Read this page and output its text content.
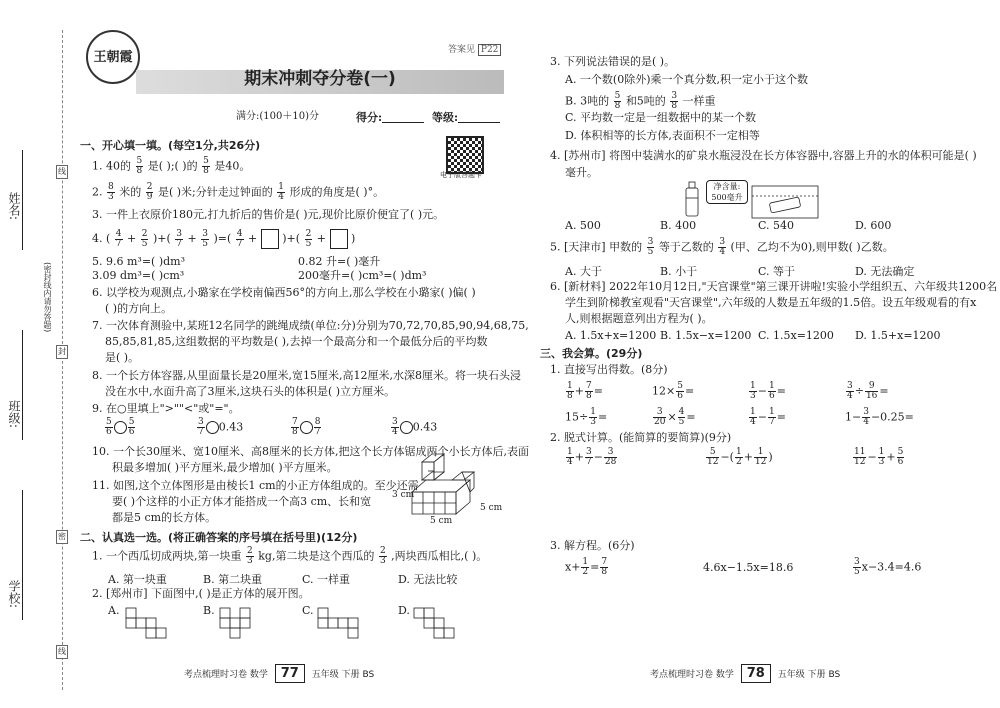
姓名:
(密封线内请勿答题)
班级:
学校:
线
封
密
线
王朝霞
期末冲刺夺分卷(一)
答案见 P22
满分:(100＋10)分	得分:	等级:
电子版答题卡
一、开心填一填。(每空1分,共26分)
1. 40的 $\frac{5}{8}$ 是( );( )的 $\frac{5}{8}$ 是40。
2. $\frac{8}{3}$ 米的 $\frac{2}{9}$ 是( )米;分针走过钟面的 $\frac{1}{4}$ 形成的角度是( )°。
3. 一件上衣原价180元,打九折后的售价是( )元,现价比原价便宜了( )元。
4. ( $\frac{4}{7} + \frac{2}{5}$ )+( $\frac{3}{7} + \frac{3}{5}$ )=( $\frac{4}{7}$ + )+( $\frac{2}{5}$ + )
5. 9.6 m³=( )dm³	0.82 升=( )毫升
3.09 dm³=( )cm³	200毫升=( )cm³=( )dm³
6. 以学校为观测点,小璐家在学校南偏西56°的方向上,那么学校在小璐家( )偏( )
( )的方向上。
7. 一次体育测验中,某班12名同学的跳绳成绩(单位:分)分别为70,72,70,85,90,94,68,75,
85,85,81,85,这组数据的平均数是( ),去掉一个最高分和一个最低分后的平均数
是( )。
8. 一个长方体容器,从里面量长是20厘米,宽15厘米,高12厘米,水深8厘米。将一块石头浸
没在水中,水面升高了3厘米,这块石头的体积是( )立方厘米。
9. 在○里填上">""<"或"="。
$\frac{5}{6} \frac{5}{6}$	$\frac{3}{7} 0.43$	$\frac{7}{8} \frac{8}{7}$	$\frac{3}{4} 0.43$
10. 一个长30厘米、宽10厘米、高8厘米的长方体,把这个长方体锯成两个小长方体后,表面
积最多增加( )平方厘米,最少增加( )平方厘米。
11. 如图,这个立体图形是由棱长1 cm的小正方体组成的。至少还需
要( )个这样的小正方体才能搭成一个高3 cm、长和宽
都是5 cm的长方体。
3 cm
5 cm
5 cm
二、认真选一选。(将正确答案的序号填在括号里)(12分)
1. 一个西瓜切成两块,第一块重 $\frac{2}{3}$ kg,第二块是这个西瓜的 $\frac{2}{3}$ ,两块西瓜相比,( )。
A. 第一块重	B. 第二块重	C. 一样重	D. 无法比较
2. [郑州市] 下面图中,( )是正方体的展开图。
A.	B.	C.	D.
考点梳理时习卷 数学 77 五年级 下册 BS
3. 下列说法错误的是( )。
A. 一个数(0除外)乘一个真分数,积一定小于这个数
B. 3吨的 $\frac{5}{8}$ 和5吨的 $\frac{3}{8}$ 一样重
C. 平均数一定是一组数据中的某一个数
D. 体积相等的长方体,表面积不一定相等
4. [苏州市] 将图中装满水的矿泉水瓶浸没在长方体容器中,容器上升的水的体积可能是( )
毫升。
净含量:
500毫升
A. 500	B. 400	C. 540	D. 600
5. [天津市] 甲数的 $\frac{3}{5}$ 等于乙数的 $\frac{3}{4}$ (甲、乙均不为0),则甲数( )乙数。
A. 大于	B. 小于	C. 等于	D. 无法确定
6. [新材料] 2022年10月12日,"天宫课堂"第三课开讲啦!实验小学组织五、六年级共1200名
学生到阶梯教室观看"天宫课堂",六年级的人数是五年级的1.5倍。设五年级观看的有x
人,则根据题意列出方程为( )。
A. 1.5x+x=1200 B. 1.5x−x=1200 C. 1.5x=1200 D. 1.5+x=1200
三、我会算。(29分)
1. 直接写出得数。(8分)
$\frac{1}{8} + \frac{7}{8}$ =	$12\times \frac{5}{6}$ =	$\frac{1}{3} - \frac{1}{6}$ =	$\frac{3}{4} \div \frac{9}{16}$ =
$15\div \frac{1}{3}$ =	$\frac{3}{20} \times \frac{4}{5}$ =	$\frac{1}{4} - \frac{1}{7}$ =	$1- \frac{3}{4} -0.25=$
2. 脱式计算。(能简算的要简算)(9分)
$\frac{1}{4} + \frac{3}{7} - \frac{3}{28}$	$\frac{5}{12}$ −( $\frac{1}{2} + \frac{1}{12}$ )	$\frac{11}{12} - \frac{1}{3} + \frac{5}{6}$
3. 解方程。(6分)
$x+ \frac{1}{2} = \frac{7}{8}$	4.6x−1.5x=18.6	$\frac{3}{5} x-3.4=4.6$
考点梳理时习卷 数学 78 五年级 下册 BS
